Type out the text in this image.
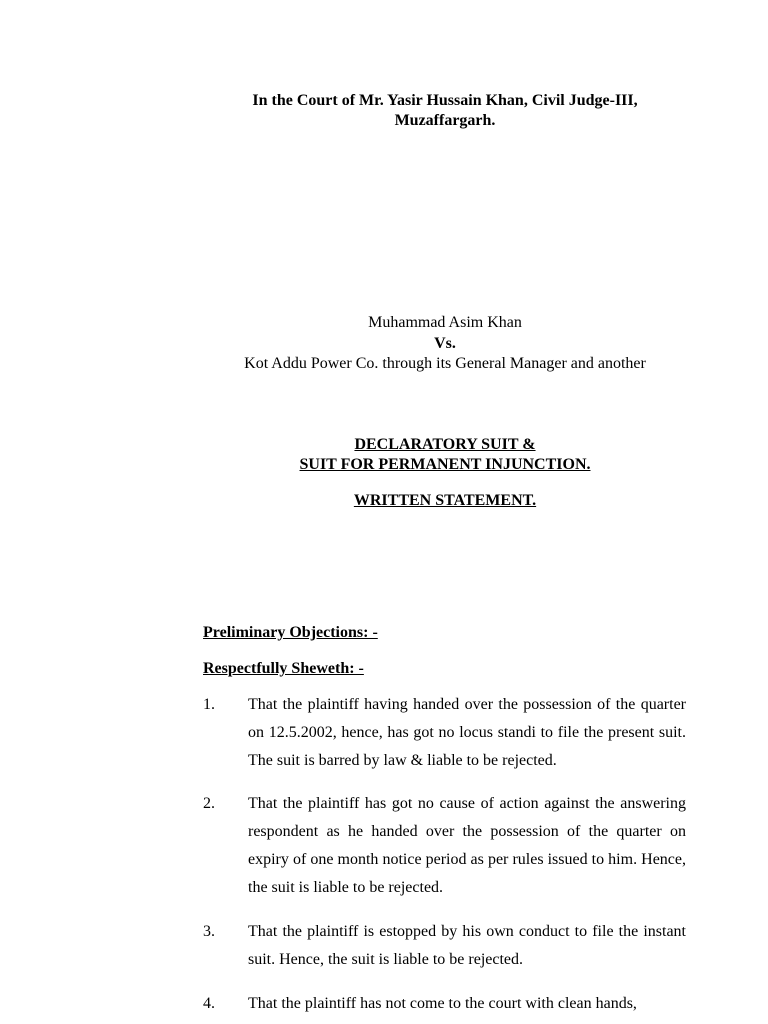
In the Court of Mr. Yasir Hussain Khan, Civil Judge-III,
Muzaffargarh.
Muhammad Asim Khan
Vs.
Kot Addu Power Co. through its General Manager and another
DECLARATORY SUIT &
SUIT FOR PERMANENT INJUNCTION.
WRITTEN STATEMENT.
Preliminary Objections: -
Respectfully Sheweth: -
1. That the plaintiff having handed over the possession of the quarter on 12.5.2002, hence, has got no locus standi to file the present suit. The suit is barred by law & liable to be rejected.
2. That the plaintiff has got no cause of action against the answering respondent as he handed over the possession of the quarter on expiry of one month notice period as per rules issued to him. Hence, the suit is liable to be rejected.
3. That the plaintiff is estopped by his own conduct to file the instant suit. Hence, the suit is liable to be rejected.
4. That the plaintiff has not come to the court with clean hands,
